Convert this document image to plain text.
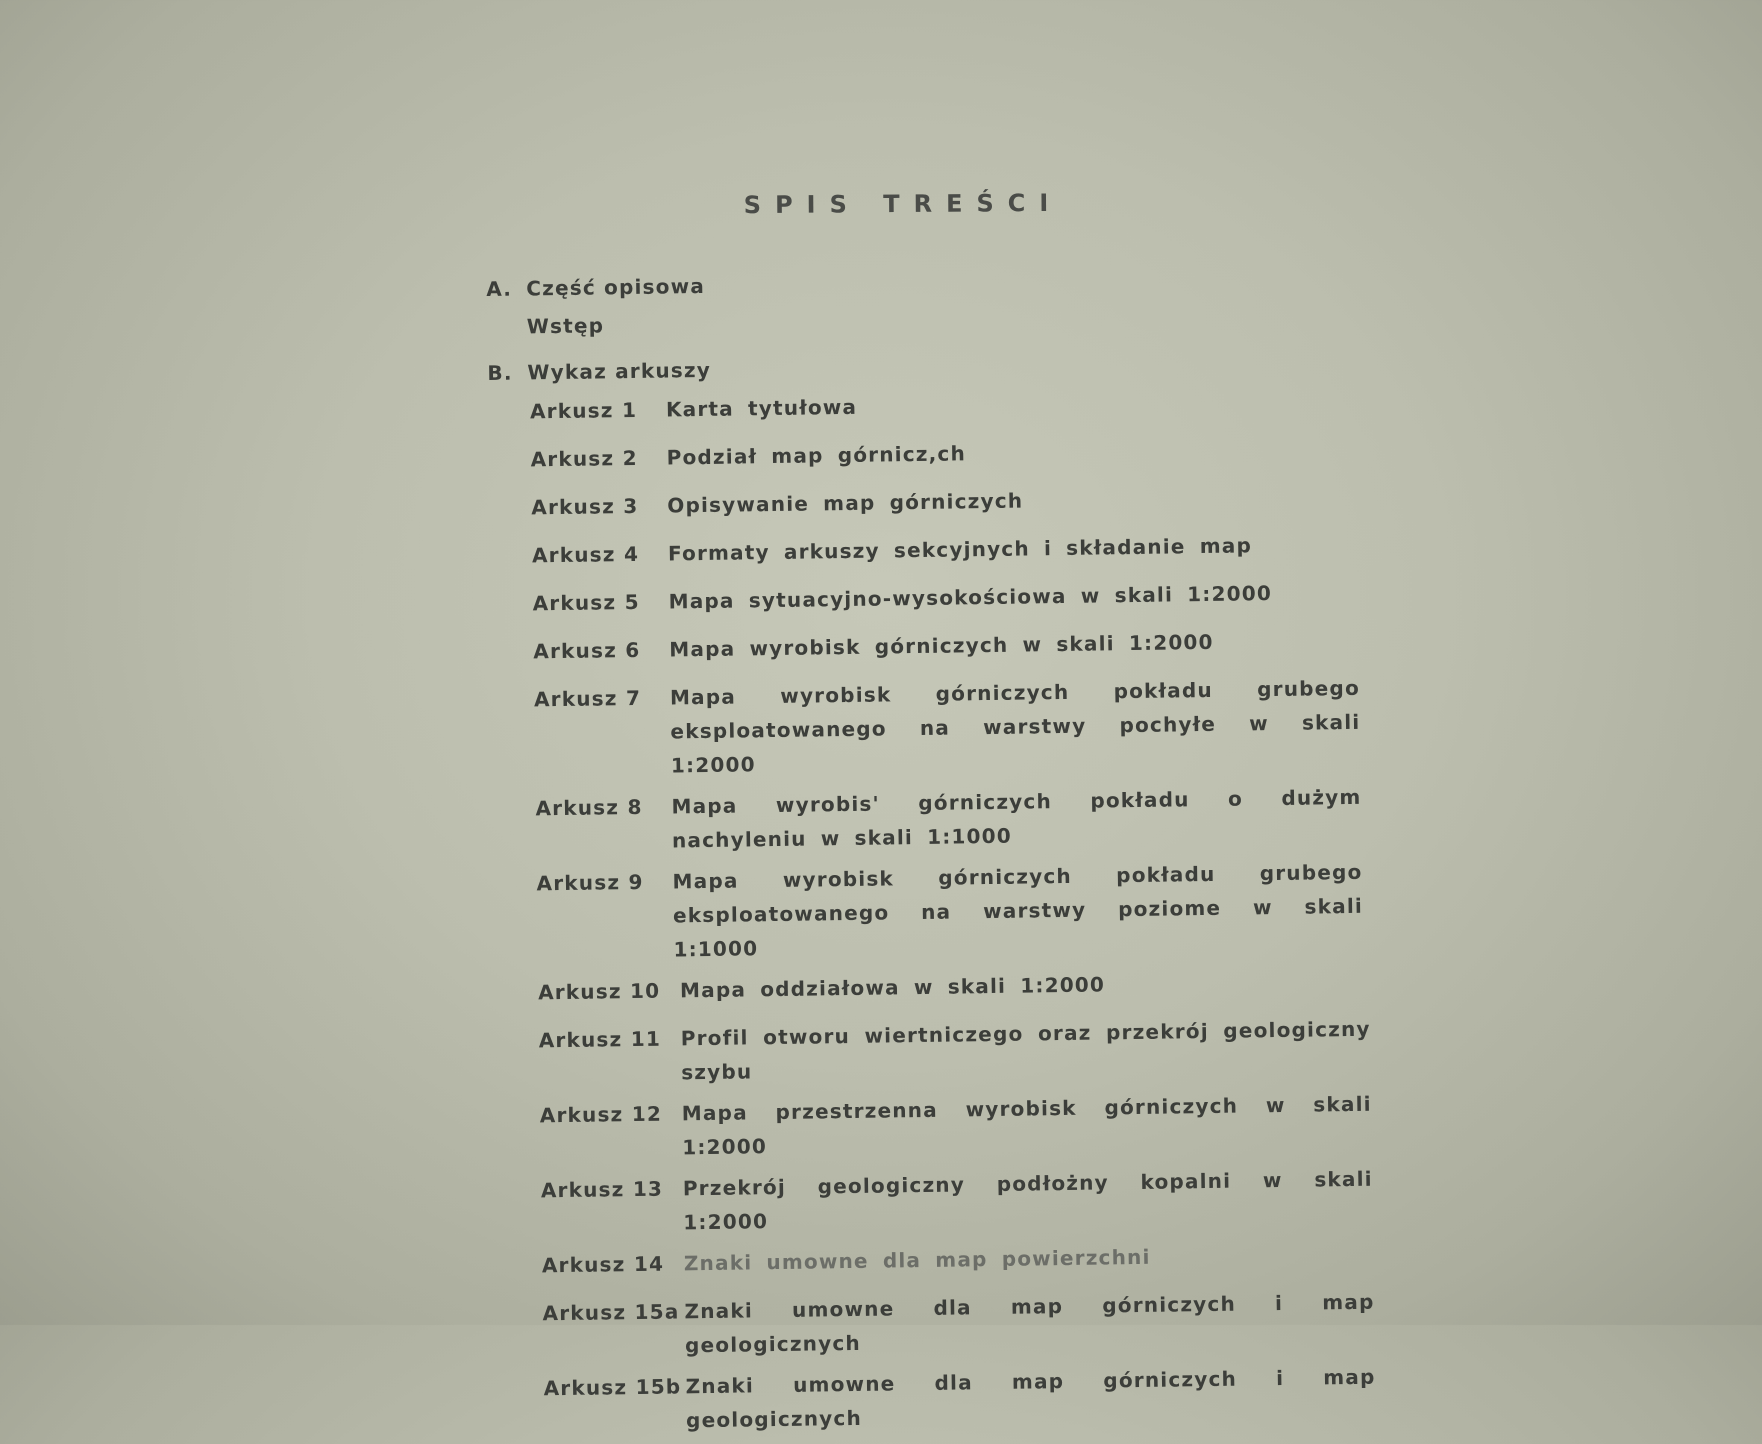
SPIS TREŚCI
A. Część opisowa
Wstęp
B. Wykaz arkuszy
Arkusz 1	Karta tytułowa
Arkusz 2	Podział map górnicz,ch
Arkusz 3	Opisywanie map górniczych
Arkusz 4	Formaty arkuszy sekcyjnych i składanie map
Arkusz 5	Mapa sytuacyjno-wysokościowa w skali 1:2000
Arkusz 6	Mapa wyrobisk górniczych w skali 1:2000
Arkusz 7	Mapa wyrobisk górniczych pokładu grubego eksploatowanego na warstwy pochyłe w skali 1:2000
Arkusz 8	Mapa wyrobis' górniczych pokładu o dużym nachyleniu w skali 1:1000
Arkusz 9	Mapa wyrobisk górniczych pokładu grubego eksploatowanego na warstwy poziome w skali 1:1000
Arkusz 10 Mapa oddziałowa w skali 1:2000
Arkusz 11 Profil otworu wiertniczego oraz przekrój geologiczny szybu
Arkusz 12 Mapa przestrzenna wyrobisk górniczych w skali 1:2000
Arkusz 13 Przekrój geologiczny podłożny kopalni w skali 1:2000
Arkusz 14 Znaki umowne dla map powierzchni
Arkusz 15a Znaki umowne dla map górniczych i map geologicznych
Arkusz 15b Znaki umowne dla map górniczych i map geologicznych
